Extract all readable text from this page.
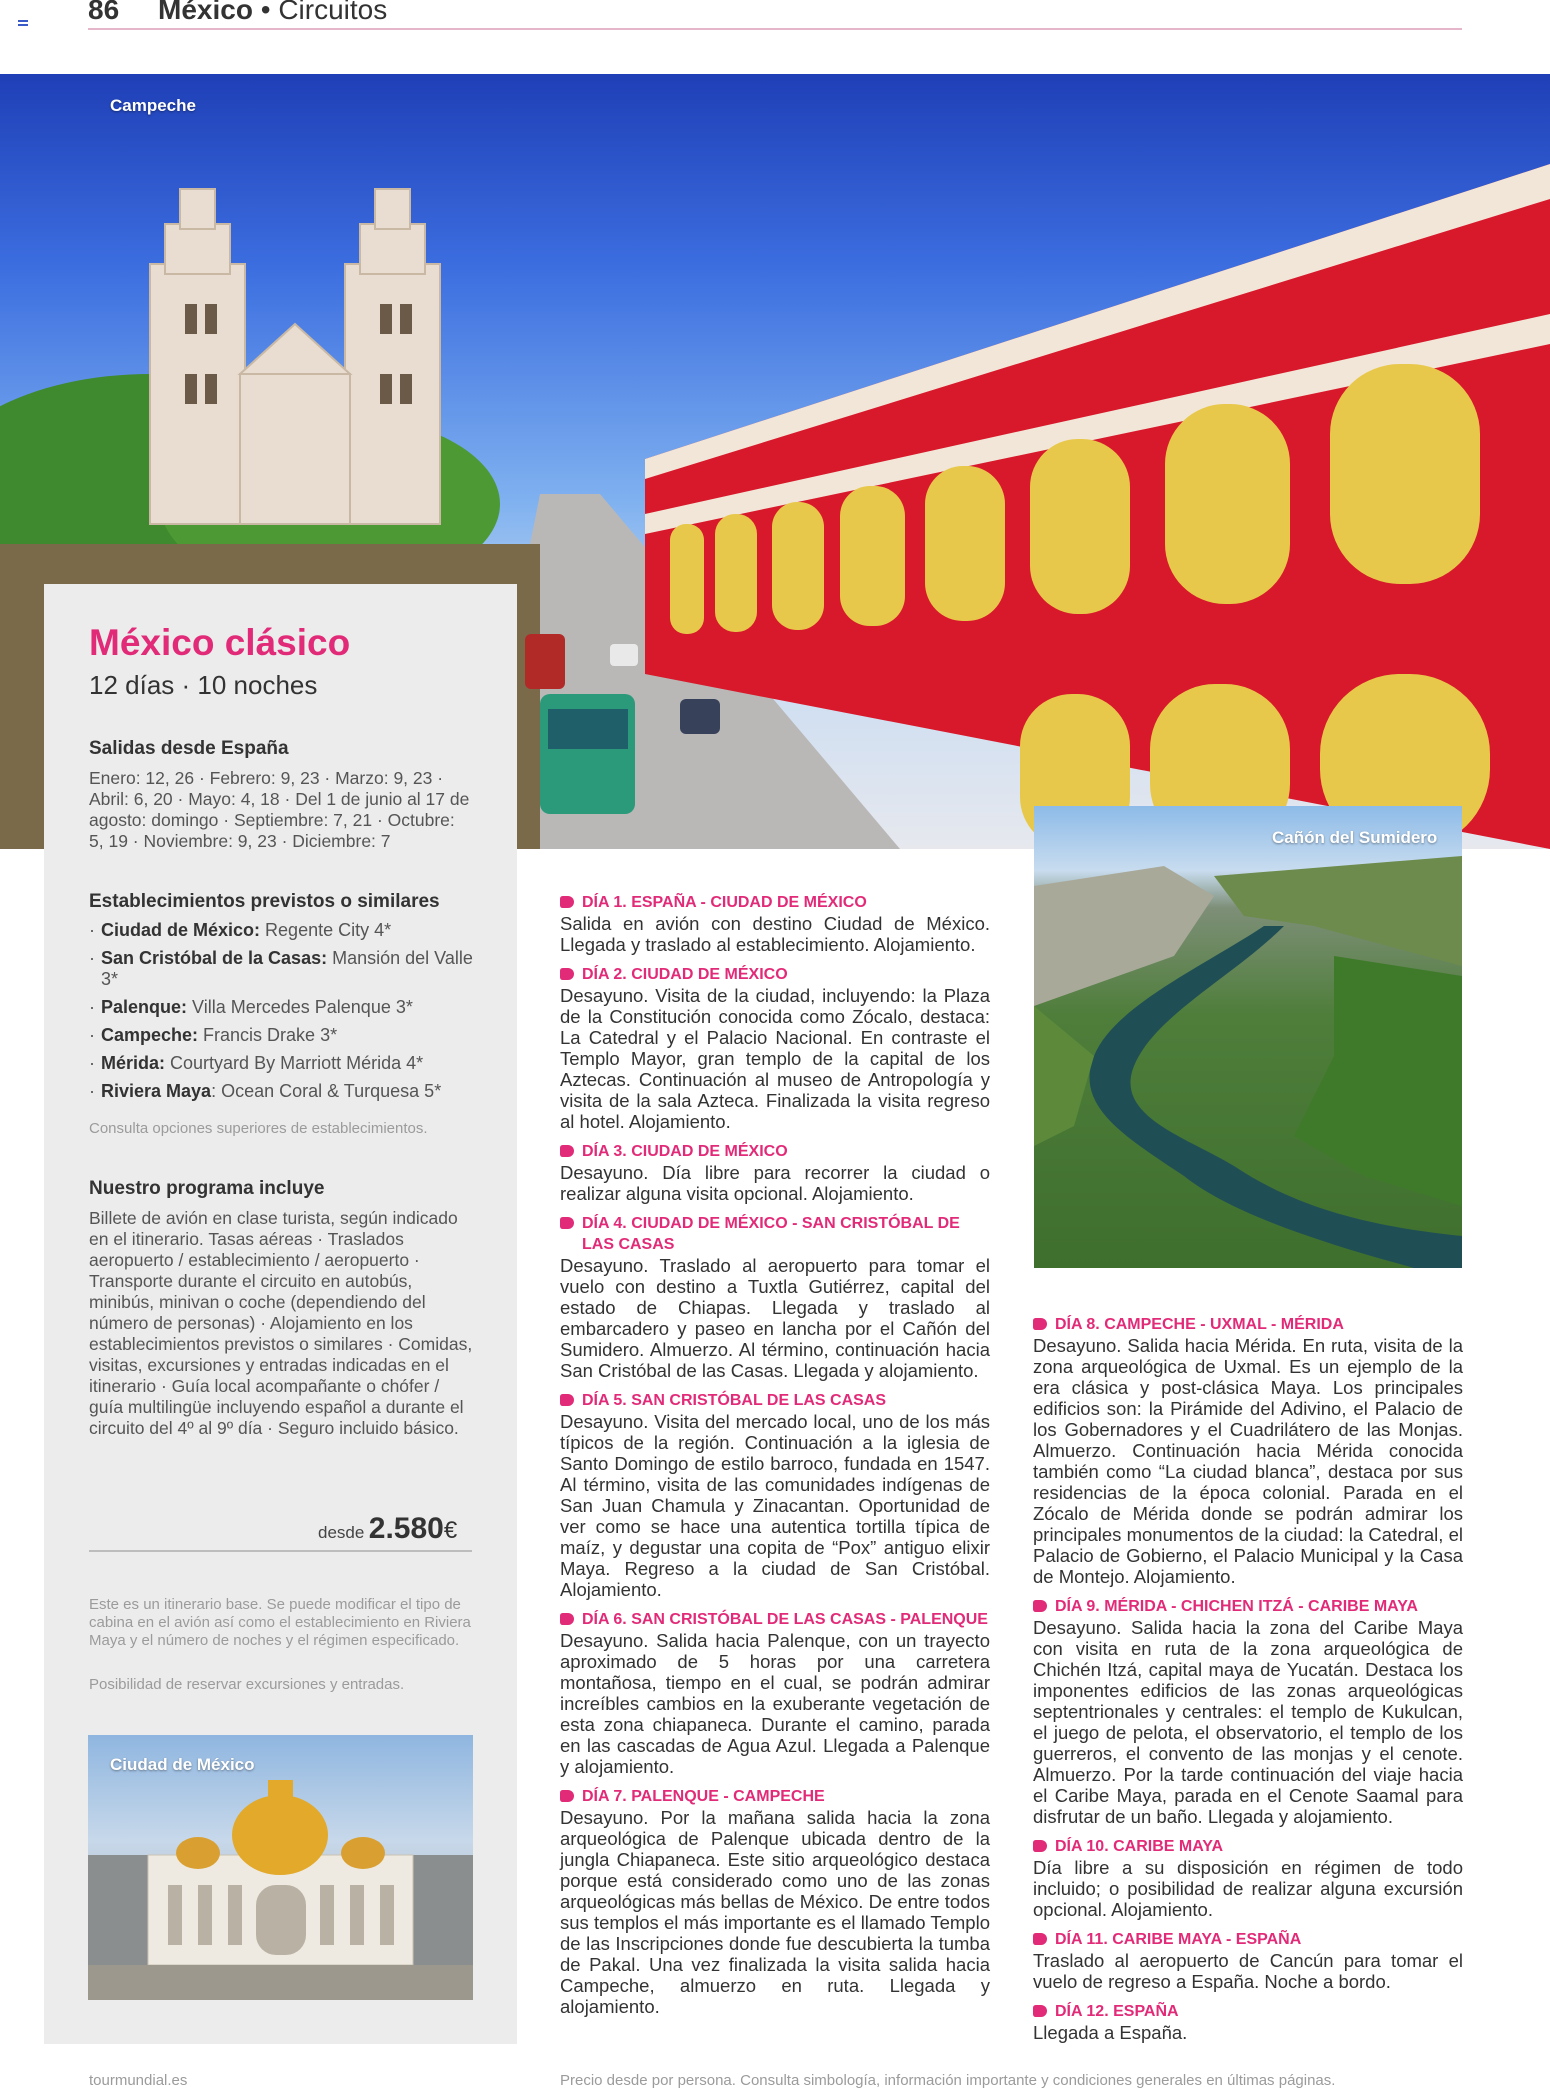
86 México • Circuitos
Campeche
México clásico
12 días · 10 noches
Salidas desde España
Enero: 12, 26 · Febrero: 9, 23 · Marzo: 9, 23 · Abril: 6, 20 · Mayo: 4, 18 · Del 1 de junio al 17 de agosto: domingo · Septiembre: 7, 21 · Octubre: 5, 19 · Noviembre: 9, 23 · Diciembre: 7
Establecimientos previstos o similares
· Ciudad de México: Regente City 4*
· San Cristóbal de la Casas: Mansión del Valle 3*
· Palenque: Villa Mercedes Palenque 3*
· Campeche: Francis Drake 3*
· Mérida: Courtyard By Marriott Mérida 4*
· Riviera Maya: Ocean Coral & Turquesa 5*
Consulta opciones superiores de establecimientos.
Nuestro programa incluye
Billete de avión en clase turista, según indicado en el itinerario. Tasas aéreas · Traslados aeropuerto / establecimiento / aeropuerto · Transporte durante el circuito en autobús, minibús, minivan o coche (dependiendo del número de personas) · Alojamiento en los establecimientos previstos o similares · Comidas, visitas, excursiones y entradas indicadas en el itinerario · Guía local acompañante o chófer / guía multilingüe incluyendo español a durante el circuito del 4º al 9º día · Seguro incluido básico.
desde 2.580€
Este es un itinerario base. Se puede modificar el tipo de cabina en el avión así como el establecimiento en Riviera Maya y el número de noches y el régimen especificado.
Posibilidad de reservar excursiones y entradas.
Ciudad de México
Cañón del Sumidero
DÍA 1. ESPAÑA - CIUDAD DE MÉXICO
Salida en avión con destino Ciudad de México. Llegada y traslado al establecimiento. Alojamiento.
DÍA 2. CIUDAD DE MÉXICO
Desayuno. Visita de la ciudad, incluyendo: la Plaza de la Constitución conocida como Zócalo, destaca: La Catedral y el Palacio Nacional. En contraste el Templo Mayor, gran templo de la capital de los Aztecas. Continuación al museo de Antropología y visita de la sala Azteca. Finalizada la visita regreso al hotel. Alojamiento.
DÍA 3. CIUDAD DE MÉXICO
Desayuno. Día libre para recorrer la ciudad o realizar alguna visita opcional. Alojamiento.
DÍA 4. CIUDAD DE MÉXICO - SAN CRISTÓBAL DE LAS CASAS
Desayuno. Traslado al aeropuerto para tomar el vuelo con destino a Tuxtla Gutiérrez, capital del estado de Chiapas. Llegada y traslado al embarcadero y paseo en lancha por el Cañón del Sumidero. Almuerzo. Al término, continuación hacia San Cristóbal de las Casas. Llegada y alojamiento.
DÍA 5. SAN CRISTÓBAL DE LAS CASAS
Desayuno. Visita del mercado local, uno de los más típicos de la región. Continuación a la iglesia de Santo Domingo de estilo barroco, fundada en 1547. Al término, visita de las comunidades indígenas de San Juan Chamula y Zinacantan. Oportunidad de ver como se hace una autentica tortilla típica de maíz, y degustar una copita de “Pox” antiguo elixir Maya. Regreso a la ciudad de San Cristóbal. Alojamiento.
DÍA 6. SAN CRISTÓBAL DE LAS CASAS - PALENQUE
Desayuno. Salida hacia Palenque, con un trayecto aproximado de 5 horas por una carretera montañosa, tiempo en el cual, se podrán admirar increíbles cambios en la exuberante vegetación de esta zona chiapaneca. Durante el camino, parada en las cascadas de Agua Azul. Llegada a Palenque y alojamiento.
DÍA 7. PALENQUE - CAMPECHE
Desayuno. Por la mañana salida hacia la zona arqueológica de Palenque ubicada dentro de la jungla Chiapaneca. Este sitio arqueológico destaca porque está considerado como uno de las zonas arqueológicas más bellas de México. De entre todos sus templos el más importante es el llamado Templo de las Inscripciones donde fue descubierta la tumba de Pakal. Una vez finalizada la visita salida hacia Campeche, almuerzo en ruta. Llegada y alojamiento.
DÍA 8. CAMPECHE - UXMAL - MÉRIDA
Desayuno. Salida hacia Mérida. En ruta, visita de la zona arqueológica de Uxmal. Es un ejemplo de la era clásica y post-clásica Maya. Los principales edificios son: la Pirámide del Adivino, el Palacio de los Gobernadores y el Cuadrilátero de las Monjas. Almuerzo. Continuación hacia Mérida conocida también como “La ciudad blanca”, destaca por sus residencias de la época colonial. Parada en el Zócalo de Mérida donde se podrán admirar los principales monumentos de la ciudad: la Catedral, el Palacio de Gobierno, el Palacio Municipal y la Casa de Montejo. Alojamiento.
DÍA 9. MÉRIDA - CHICHEN ITZÁ - CARIBE MAYA
Desayuno. Salida hacia la zona del Caribe Maya con visita en ruta de la zona arqueológica de Chichén Itzá, capital maya de Yucatán. Destaca los imponentes edificios de las zonas arqueológicas septentrionales y centrales: el templo de Kukulcan, el juego de pelota, el observatorio, el templo de los guerreros, el convento de las monjas y el cenote. Almuerzo. Por la tarde continuación del viaje hacia el Caribe Maya, parada en el Cenote Saamal para disfrutar de un baño. Llegada y alojamiento.
DÍA 10. CARIBE MAYA
Día libre a su disposición en régimen de todo incluido; o posibilidad de realizar alguna excursión opcional. Alojamiento.
DÍA 11. CARIBE MAYA - ESPAÑA
Traslado al aeropuerto de Cancún para tomar el vuelo de regreso a España. Noche a bordo.
DÍA 12. ESPAÑA
Llegada a España.
tourmundial.es	Precio desde por persona. Consulta simbología, información importante y condiciones generales en últimas páginas.
